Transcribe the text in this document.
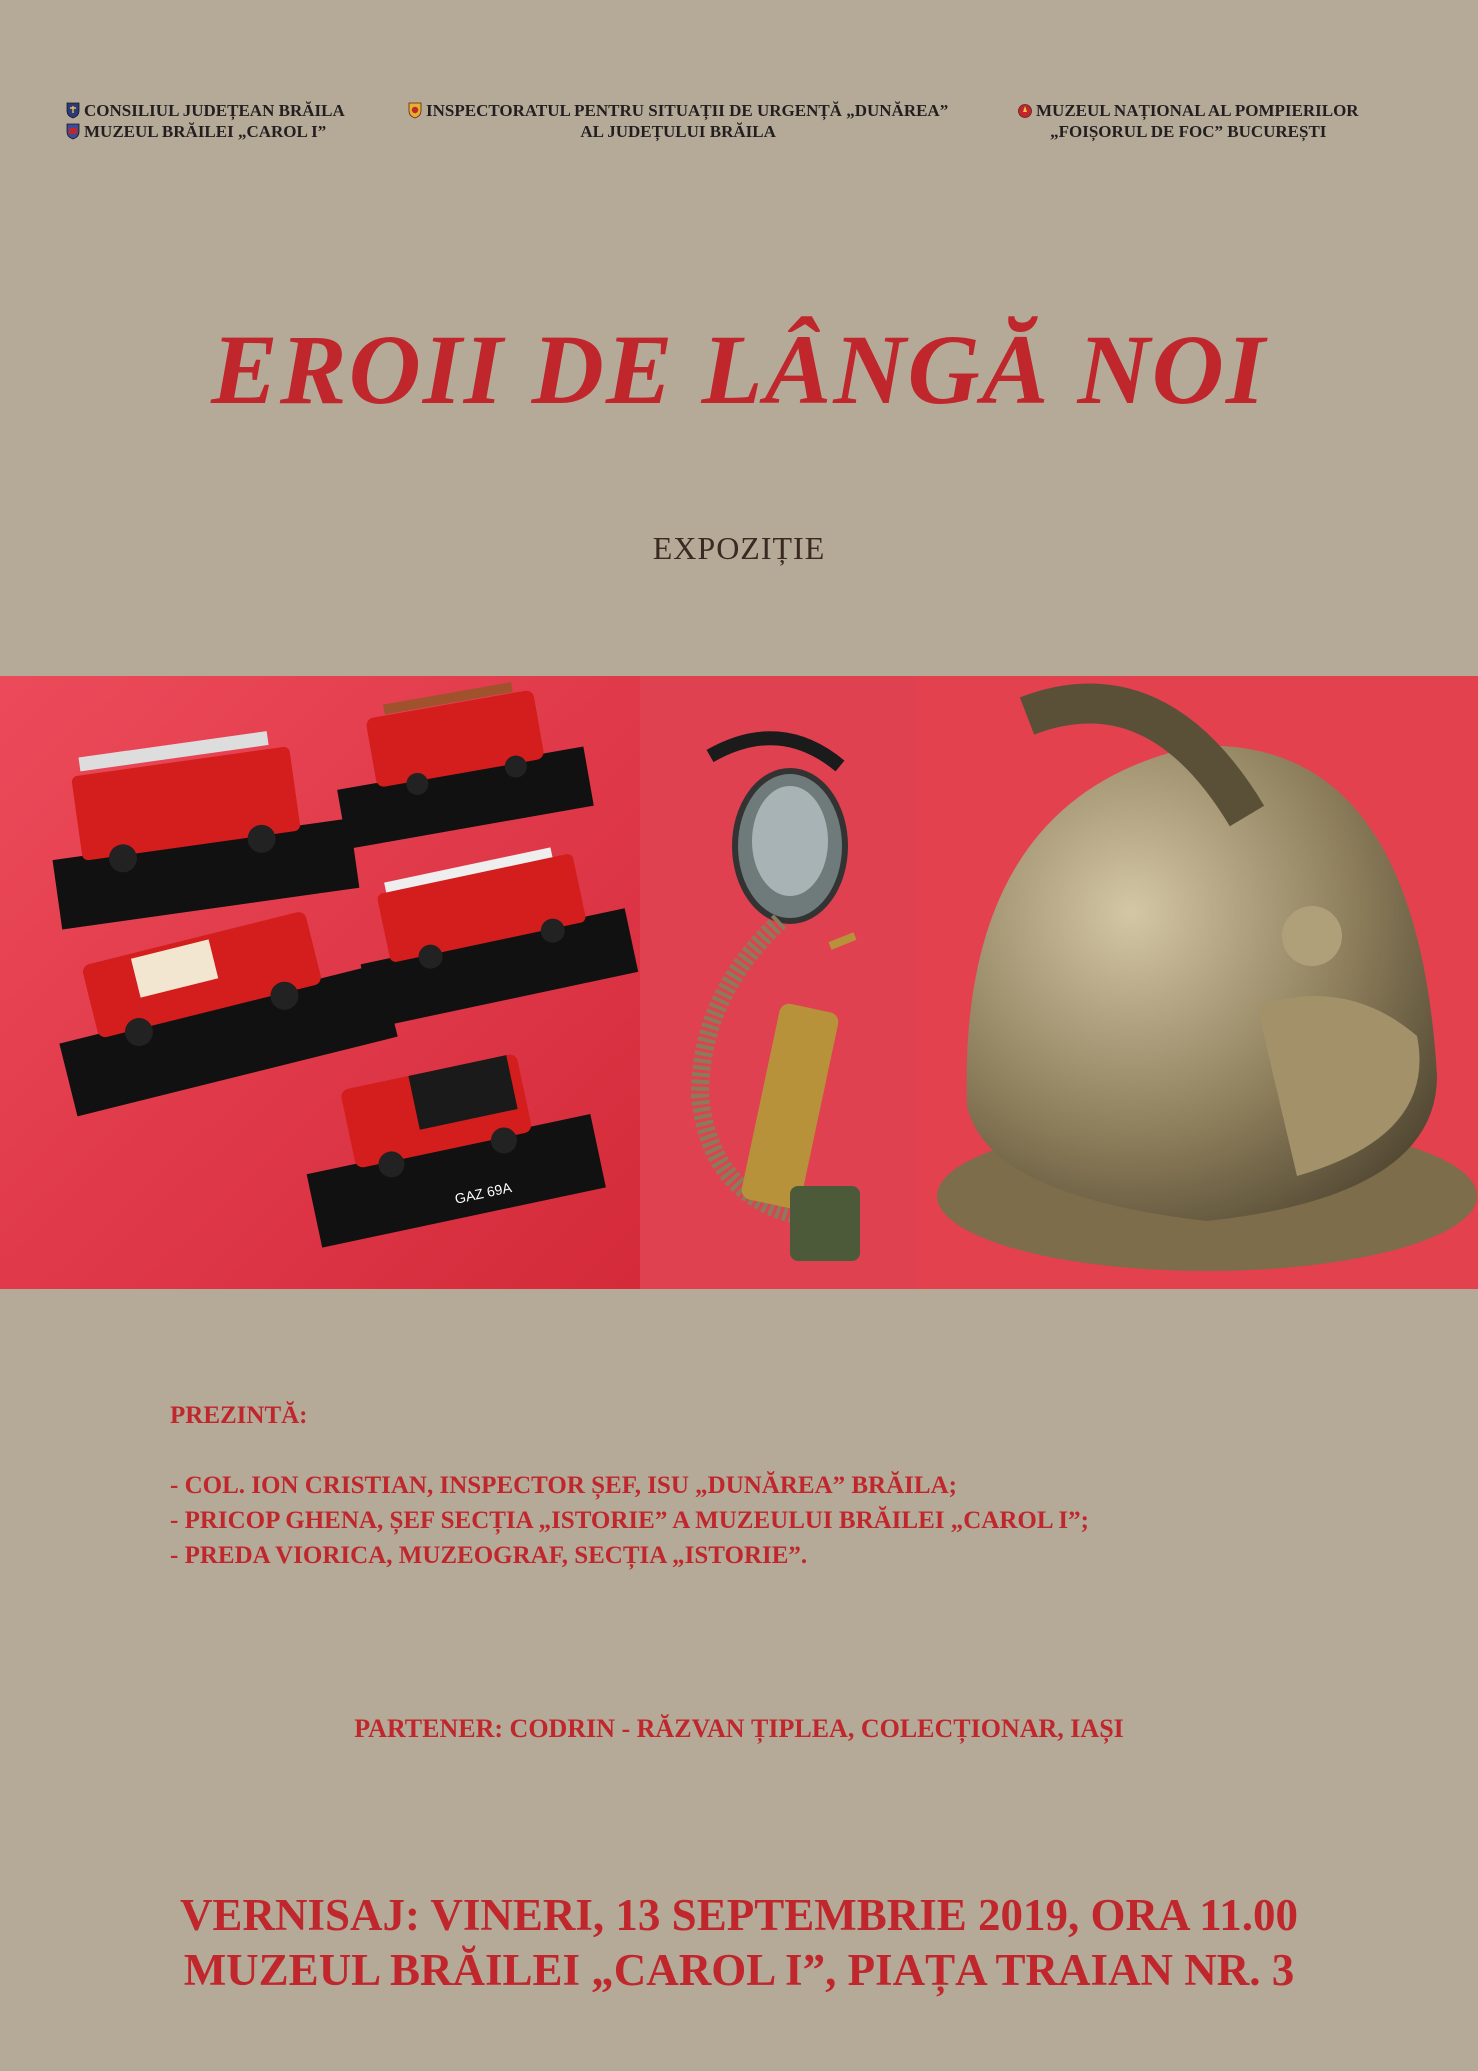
CONSILIUL JUDEȚEAN BRĂILA
MUZEUL BRĂILEI „CAROL I”
INSPECTORATUL PENTRU SITUAȚII DE URGENȚĂ „DUNĂREA”
AL JUDEȚULUI BRĂILA
MUZEUL NAȚIONAL AL POMPIERILOR
„FOIȘORUL DE FOC” BUCUREȘTI
EROII DE LÂNGĂ NOI
EXPOZIȚIE
GAZ 69A
PREZINTĂ:
- COL. ION CRISTIAN, INSPECTOR ȘEF, ISU „DUNĂREA” BRĂILA;
- PRICOP GHENA, ȘEF SECȚIA „ISTORIE” A MUZEULUI BRĂILEI „CAROL I”;
- PREDA VIORICA, MUZEOGRAF, SECȚIA „ISTORIE”.
PARTENER: CODRIN - RĂZVAN ȚIPLEA, COLECȚIONAR, IAȘI
VERNISAJ: VINERI, 13 SEPTEMBRIE 2019, ORA 11.00
MUZEUL BRĂILEI „CAROL I”, PIAȚA TRAIAN NR. 3
